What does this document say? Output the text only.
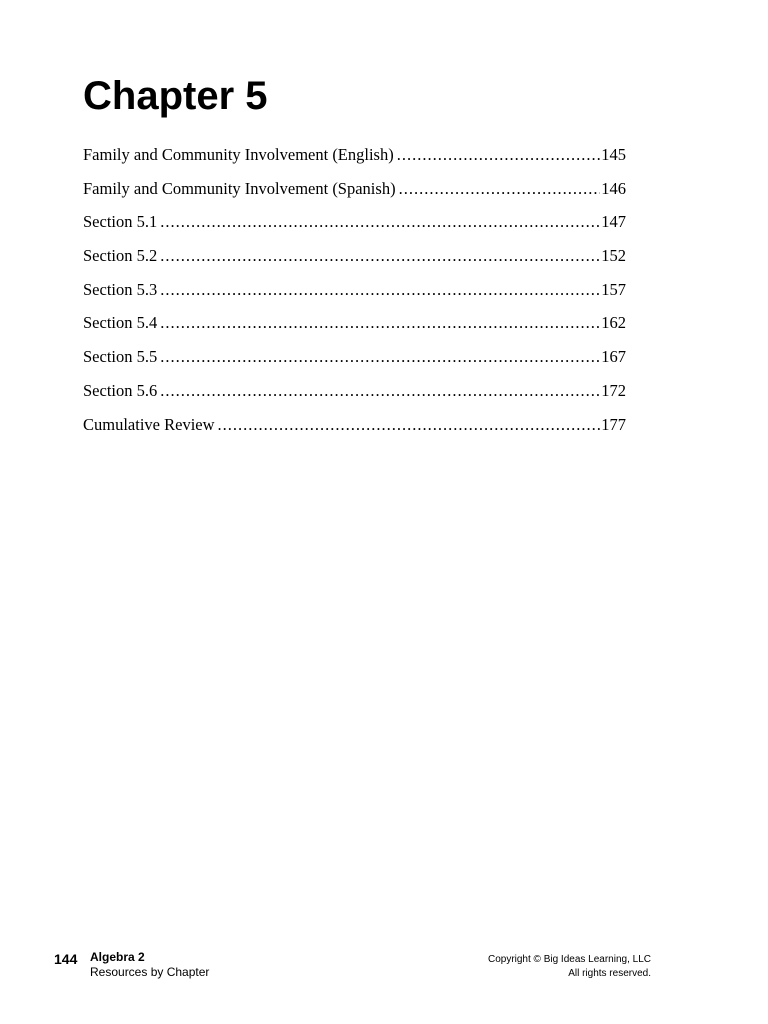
Chapter 5
Family and Community Involvement (English) .....	145
Family and Community Involvement (Spanish) .....	146
Section 5.1 .....	147
Section 5.2 .....	152
Section 5.3 .....	157
Section 5.4 .....	162
Section 5.5 .....	167
Section 5.6 .....	172
Cumulative Review .....	177
144 Algebra 2
Resources by Chapter
Copyright © Big Ideas Learning, LLC
All rights reserved.
